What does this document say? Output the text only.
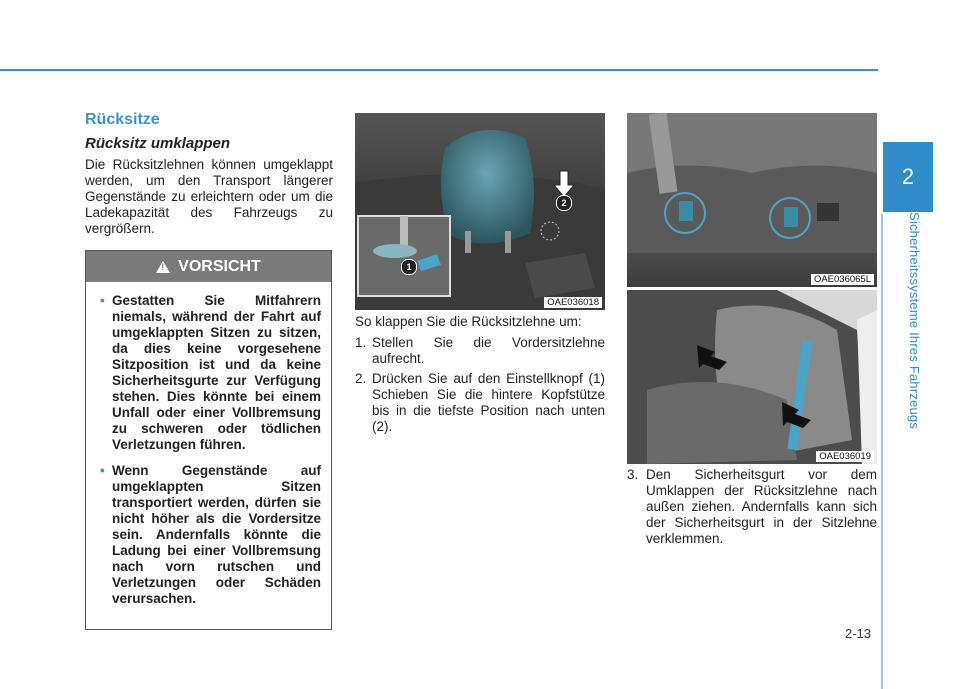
2
Sicherheitssysteme Ihres Fahrzeugs
2-13
Rücksitze
Rücksitz umklappen
Die Rücksitzlehnen können umgeklappt werden, um den Transport längerer Gegenstände zu erleichtern oder um die Ladekapazität des Fahrzeugs zu vergrößern.
!
VORSICHT
• Gestatten Sie Mitfahrern niemals, während der Fahrt auf umgeklappten Sitzen zu sitzen, da dies keine vorgesehene Sitzposition ist und da keine Sicherheitsgurte zur Verfügung stehen. Dies könnte bei einem Unfall oder einer Vollbremsung zu schweren oder tödlichen Verletzungen führen.
• Wenn Gegenstände auf umgeklappten Sitzen transportiert werden, dürfen sie nicht höher als die Vordersitze sein. Andernfalls könnte die Ladung bei einer Vollbremsung nach vorn rutschen und Verletzungen oder Schäden verursachen.
2
1
OAE036018

So klappen Sie die Rücksitzlehne um:

1. Stellen Sie die Vordersitzlehne aufrecht.
2. Drücken Sie auf den Einstellknopf (1) Schieben Sie die hintere Kopfstütze bis in die tiefste Position nach unten (2).
OAE036065L
OAE036019
3. Den Sicherheitsgurt vor dem Umklappen der Rücksitzlehne nach außen ziehen. Andernfalls kann sich der Sicherheitsgurt in der Sitzlehne verklemmen.
